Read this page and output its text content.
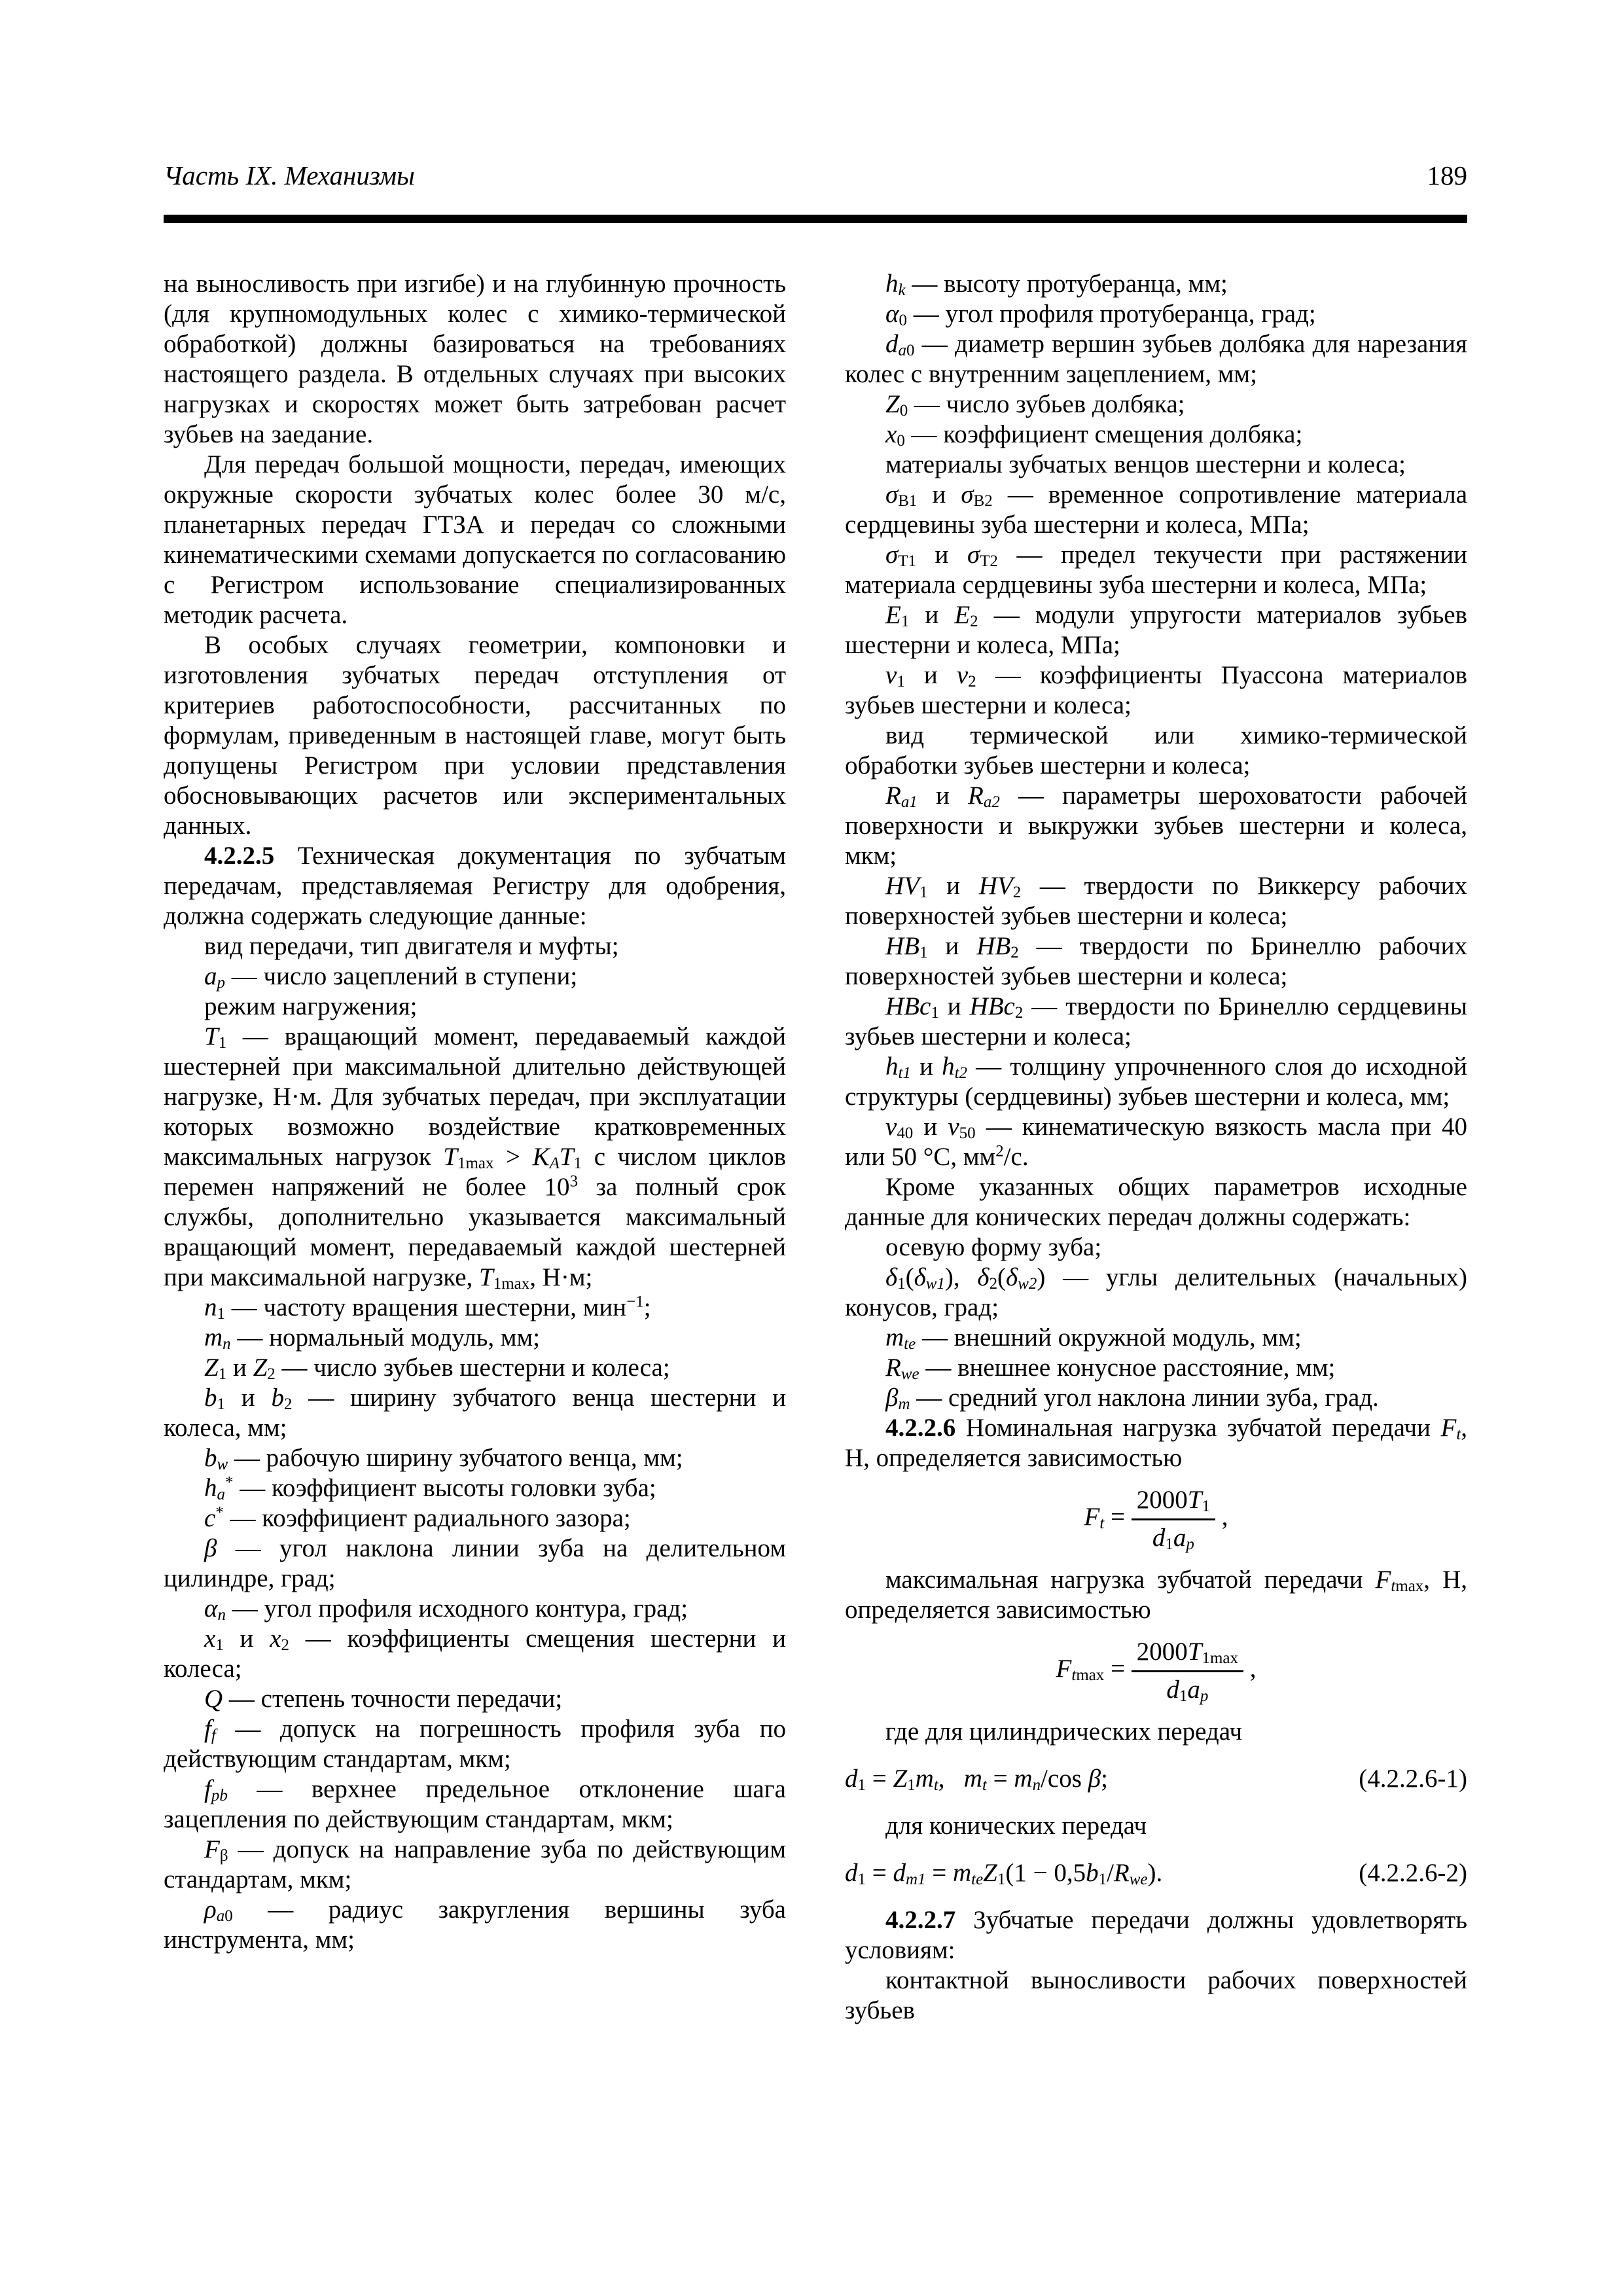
Часть IX. Механизмы	189

на выносливость при изгибе) и на глубинную прочность (для крупномодульных колес с химико-термической обработкой) должны базироваться на требованиях настоящего раздела. В отдельных случаях при высоких нагрузках и скоростях может быть затребован расчет зубьев на заедание.

Для передач большой мощности, передач, имеющих окружные скорости зубчатых колес более 30 м/с, планетарных передач ГТЗА и передач со сложными кинематическими схемами допускается по согласованию с Регистром использование специализированных методик расчета.

В особых случаях геометрии, компоновки и изготовления зубчатых передач отступления от критериев работоспособности, рассчитанных по формулам, приведенным в настоящей главе, могут быть допущены Регистром при условии представления обосновывающих расчетов или экспериментальных данных.

4.2.2.5 Техническая документация по зубчатым передачам, представляемая Регистру для одобрения, должна содержать следующие данные:

вид передачи, тип двигателя и муфты;

ap — число зацеплений в ступени;

режим нагружения;

T1 — вращающий момент, передаваемый каждой шестерней при максимальной длительно действующей нагрузке, Н·м. Для зубчатых передач, при эксплуатации которых возможно воздействие кратковременных максимальных нагрузок T1max > KAT1 с числом циклов перемен напряжений не более $10^3$ за полный срок службы, дополнительно указывается максимальный вращающий момент, передаваемый каждой шестерней при максимальной нагрузке, T1max, Н·м;

n1 — частоту вращения шестерни, мин$^{-1}$;

mn — нормальный модуль, мм;

Z1 и Z2 — число зубьев шестерни и колеса;

b1 и b2 — ширину зубчатого венца шестерни и колеса, мм;

bw — рабочую ширину зубчатого венца, мм;

ha* — коэффициент высоты головки зуба;

c* — коэффициент радиального зазора;

β — угол наклона линии зуба на делительном цилиндре, град;

αn — угол профиля исходного контура, град;

x1 и x2 — коэффициенты смещения шестерни и колеса;

Q — степень точности передачи;

ff — допуск на погрешность профиля зуба по действующим стандартам, мкм;

fpb — верхнее предельное отклонение шага зацепления по действующим стандартам, мкм;

Fβ — допуск на направление зуба по действующим стандартам, мкм;

ρa0 — радиус закругления вершины зуба инструмента, мм;

hk — высоту протуберанца, мм;

α0 — угол профиля протуберанца, град;

da0 — диаметр вершин зубьев долбяка для нарезания колес с внутренним зацеплением, мм;

Z0 — число зубьев долбяка;

x0 — коэффициент смещения долбяка;

материалы зубчатых венцов шестерни и колеса;

σВ1 и σВ2 — временное сопротивление материала сердцевины зуба шестерни и колеса, МПа;

σТ1 и σТ2 — предел текучести при растяжении материала сердцевины зуба шестерни и колеса, МПа;

E1 и E2 — модули упругости материалов зубьев шестерни и колеса, МПа;

ν1 и ν2 — коэффициенты Пуассона материалов зубьев шестерни и колеса;

вид термической или химико-термической обработки зубьев шестерни и колеса;

Ra1 и Ra2 — параметры шероховатости рабочей поверхности и выкружки зубьев шестерни и колеса, мкм;

HV1 и HV2 — твердости по Виккерсу рабочих поверхностей зубьев шестерни и колеса;

HB1 и HB2 — твердости по Бринеллю рабочих поверхностей зубьев шестерни и колеса;

HBc1 и HBc2 — твердости по Бринеллю сердцевины зубьев шестерни и колеса;

ht1 и ht2 — толщину упрочненного слоя до исходной структуры (сердцевины) зубьев шестерни и колеса, мм;

ν40 и ν50 — кинематическую вязкость масла при 40 или 50 °С, $мм^2/с$.

Кроме указанных общих параметров исходные данные для конических передач должны содержать:

осевую форму зуба;

δ1(δw1), δ2(δw2) — углы делительных (начальных) конусов, град;

mte — внешний окружной модуль, мм;

Rwe — внешнее конусное расстояние, мм;

βm — средний угол наклона линии зуба, град.

4.2.2.6 Номинальная нагрузка зубчатой передачи Ft, Н, определяется зависимостью

$Ft = \frac{2000T1}{d1ap}$ ,

максимальная нагрузка зубчатой передачи Ftmax, Н, определяется зависимостью

$Ftmax = \frac{2000T1\max}{d1ap}$ ,

где для цилиндрических передач

d1 = Z1mt,  mt = mn/cos β;	(4.2.2.6-1)

для конических передач

d1 = dm1 = mteZ1(1 − 0,5b1/Rwe).	(4.2.2.6-2)

4.2.2.7 Зубчатые передачи должны удовлетворять условиям:

контактной выносливости рабочих поверхностей зубьев
